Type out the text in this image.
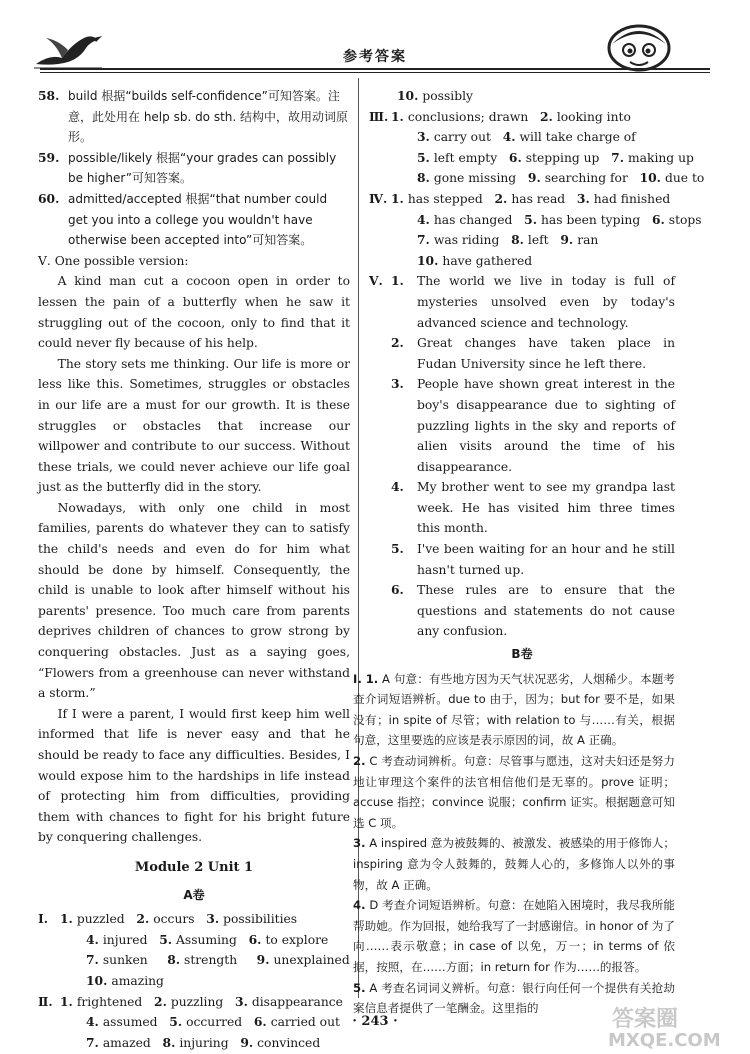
参考答案

58. build 根据“builds self-confidence”可知答案。注意，此处用在 help sb. do sth. 结构中，故用动词原形。

59. possible/likely 根据“your grades can possibly be higher”可知答案。

60. admitted/accepted 根据“that number could get you into a college you wouldn't have otherwise been accepted into”可知答案。

Ⅴ. One possible version:

A kind man cut a cocoon open in order to lessen the pain of a butterfly when he saw it struggling out of the cocoon, only to find that it could never fly because of his help.

The story sets me thinking. Our life is more or less like this. Sometimes, struggles or obstacles in our life are a must for our growth. It is these struggles or obstacles that increase our willpower and contribute to our success. Without these trials, we could never achieve our life goal just as the butterfly did in the story.

Nowadays, with only one child in most families, parents do whatever they can to satisfy the child's needs and even do for him what should be done by himself. Consequently, the child is unable to look after himself without his parents' presence. Too much care from parents deprives children of chances to grow strong by conquering obstacles. Just as a saying goes, “Flowers from a greenhouse can never withstand a storm.”

If I were a parent, I would first keep him well informed that life is never easy and that he should be ready to face any difficulties. Besides, I would expose him to the hardships in life instead of protecting him from difficulties, providing them with chances to fight for his bright future by conquering challenges.

Module 2 Unit 1

A卷

Ⅰ. 1. puzzled 2. occurs 3. possibilities
4. injured 5. Assuming 6. to explore
7. sunken 8. strength 9. unexplained
10. amazing
Ⅱ. 1. frightened 2. puzzling 3. disappearance
4. assumed 5. occurred 6. carried out
7. amazed 8. injuring 9. convinced
10. possibly
Ⅲ. 1. conclusions; drawn 2. looking into
3. carry out 4. will take charge of
5. left empty 6. stepping up 7. making up
8. gone missing 9. searching for 10. due to
Ⅳ. 1. has stepped 2. has read 3. had finished
4. has changed 5. has been typing 6. stops
7. was riding 8. left 9. ran
10. have gathered
Ⅴ. 1.	The world we live in today is full of mysteries unsolved even by today's advanced science and technology.

2.	Great changes have taken place in Fudan University since he left there.

3.	People have shown great interest in the boy's disappearance due to sighting of puzzling lights in the sky and reports of alien visits around the time of his disappearance.

4.	My brother went to see my grandpa last week. He has visited him three times this month.

5.	I've been waiting for an hour and he still hasn't turned up.

6.	These rules are to ensure that the questions and statements do not cause any confusion.

B卷

Ⅰ. 1. A 句意：有些地方因为天气状况恶劣，人烟稀少。本题考查介词短语辨析。due to 由于，因为；but for 要不是，如果没有；in spite of 尽管；with relation to 与……有关，根据句意，这里要选的应该是表示原因的词，故 A 正确。

2. C 考查动词辨析。句意：尽管事与愿违，这对夫妇还是努力地让审理这个案件的法官相信他们是无辜的。prove 证明；accuse 指控；convince 说服；confirm 证实。根据题意可知选 C 项。

3. A inspired 意为被鼓舞的、被激发、被感染的用于修饰人；inspiring 意为令人鼓舞的，鼓舞人心的，多修饰人以外的事物，故 A 正确。

4. D 考查介词短语辨析。句意：在她陷入困境时，我尽我所能帮助她。作为回报，她给我写了一封感谢信。in honor of 为了向……表示敬意；in case of 以免，万一；in terms of 依据，按照，在……方面；in return for 作为……的报答。

5. A 考查名词词义辨析。句意：银行向任何一个提供有关抢劫案信息者提供了一笔酬金。这里指的

· 243 ·	答案圈
MXQE.COM
